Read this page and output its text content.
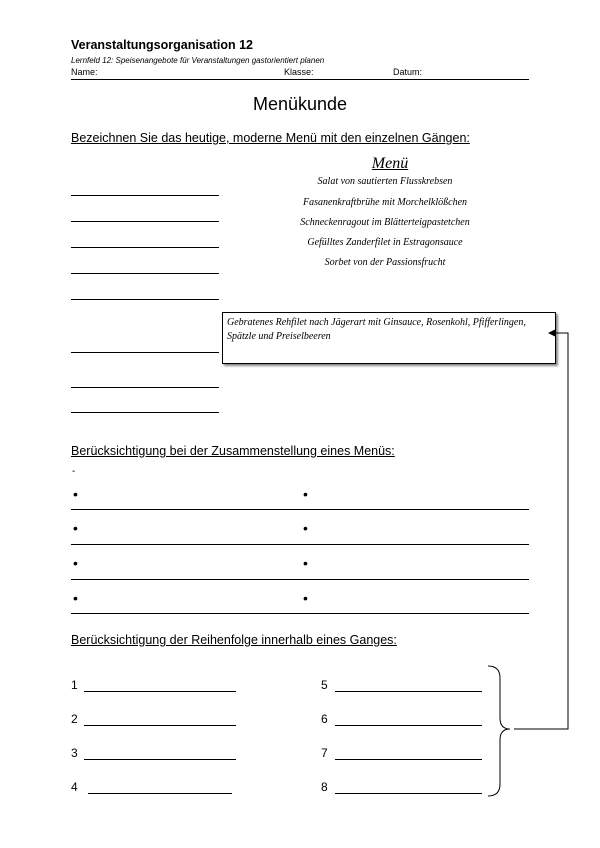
Veranstaltungsorganisation 12
Lernfeld 12: Speisenangebote für Veranstaltungen gastorientiert planen
Name:	Klasse:	Datum:
Menükunde
Bezeichnen Sie das heutige, moderne Menü mit den einzelnen Gängen:
Menü
Salat von sautierten Flusskrebsen
Fasanenkraftbrühe mit Morchelklößchen
Schneckenragout im Blätterteigpastetchen
Gefülltes Zanderfilet in Estragonsauce
Sorbet von der Passionsfrucht
Gebratenes Rehfilet nach Jägerart mit Ginsauce, Rosenkohl, Pfifferlingen, Spätzle und Preiselbeeren
Berücksichtigung bei der Zusammenstellung eines Menüs:
-
•	•
•	•
•	•
•	•
Berücksichtigung der Reihenfolge innerhalb eines Ganges:
1
2
3
4
5
6
7
8
